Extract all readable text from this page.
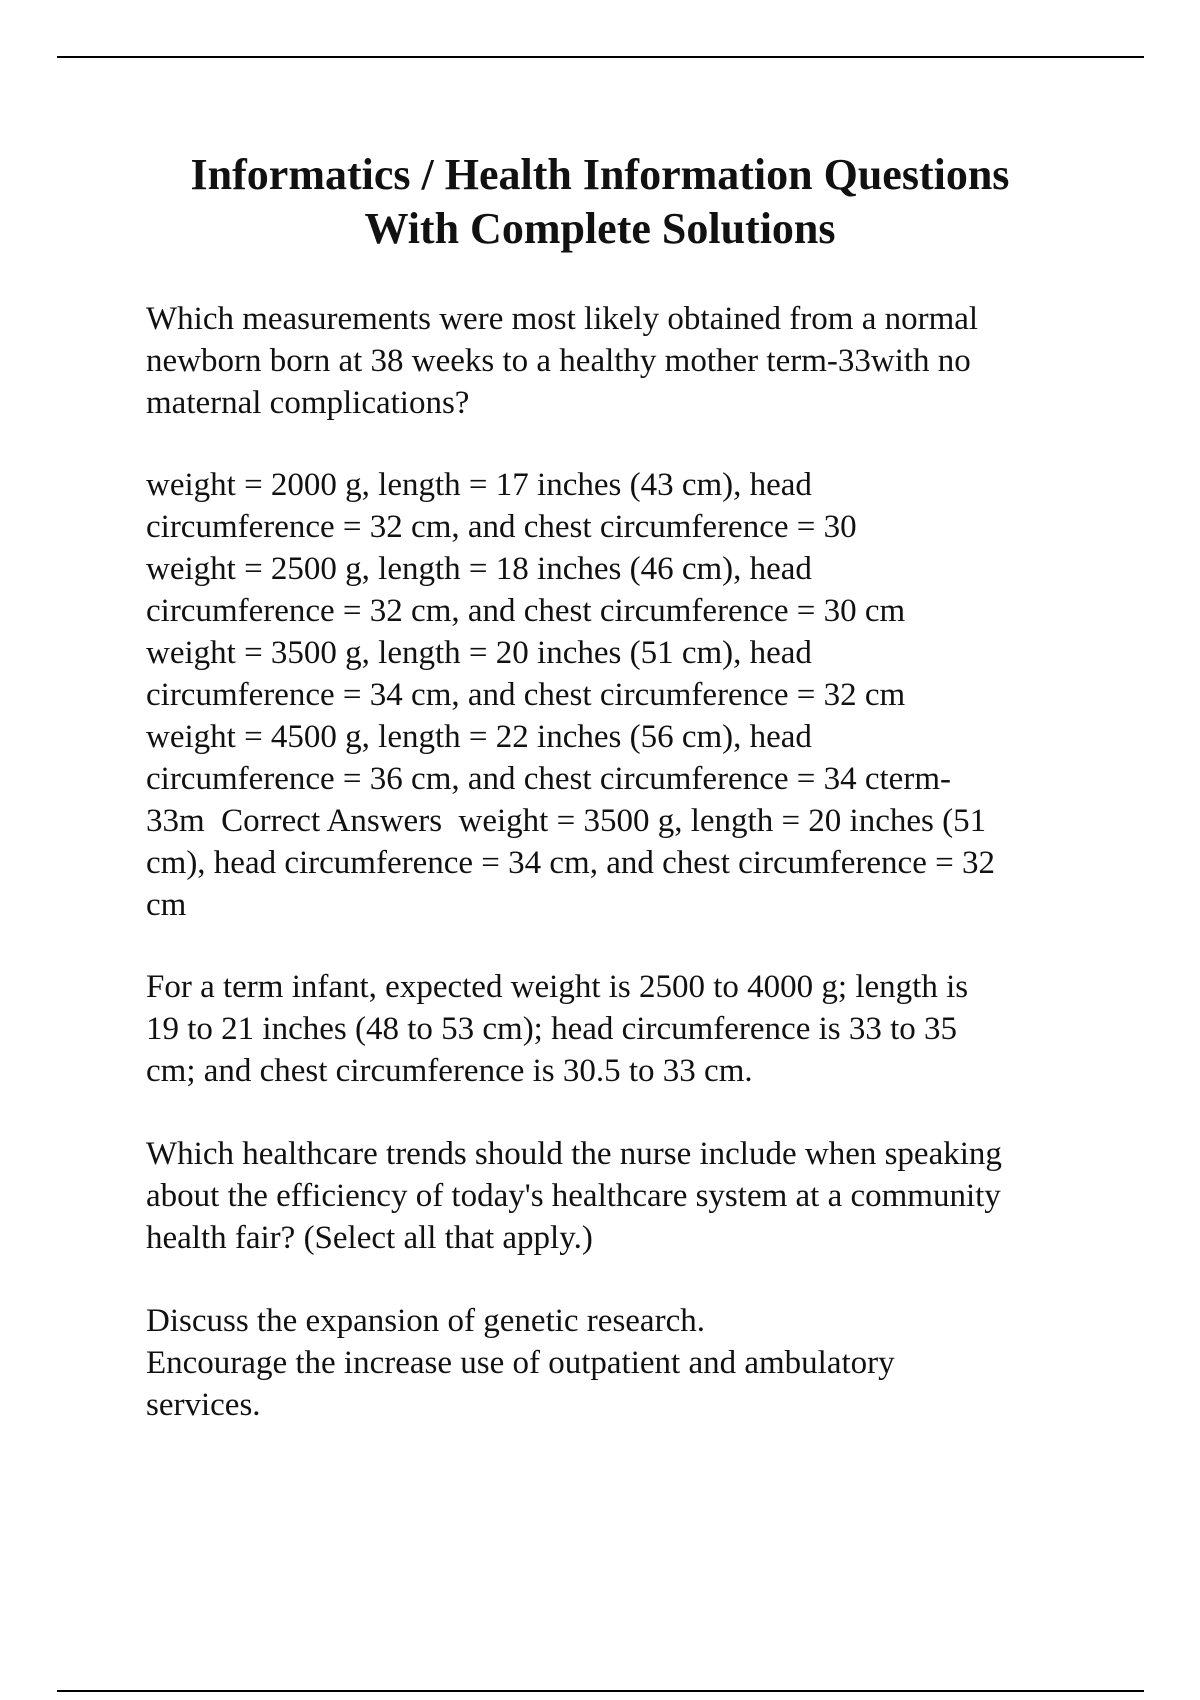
Informatics / Health Information Questions
With Complete Solutions
Which measurements were most likely obtained from a normal
newborn born at 38 weeks to a healthy mother term-33with no
maternal complications?
weight = 2000 g, length = 17 inches (43 cm), head
circumference = 32 cm, and chest circumference = 30
weight = 2500 g, length = 18 inches (46 cm), head
circumference = 32 cm, and chest circumference = 30 cm
weight = 3500 g, length = 20 inches (51 cm), head
circumference = 34 cm, and chest circumference = 32 cm
weight = 4500 g, length = 22 inches (56 cm), head
circumference = 36 cm, and chest circumference = 34 cterm-
33m  Correct Answers  weight = 3500 g, length = 20 inches (51
cm), head circumference = 34 cm, and chest circumference = 32
cm
For a term infant, expected weight is 2500 to 4000 g; length is
19 to 21 inches (48 to 53 cm); head circumference is 33 to 35
cm; and chest circumference is 30.5 to 33 cm.
Which healthcare trends should the nurse include when speaking
about the efficiency of today's healthcare system at a community
health fair? (Select all that apply.)
Discuss the expansion of genetic research.
Encourage the increase use of outpatient and ambulatory
services.
